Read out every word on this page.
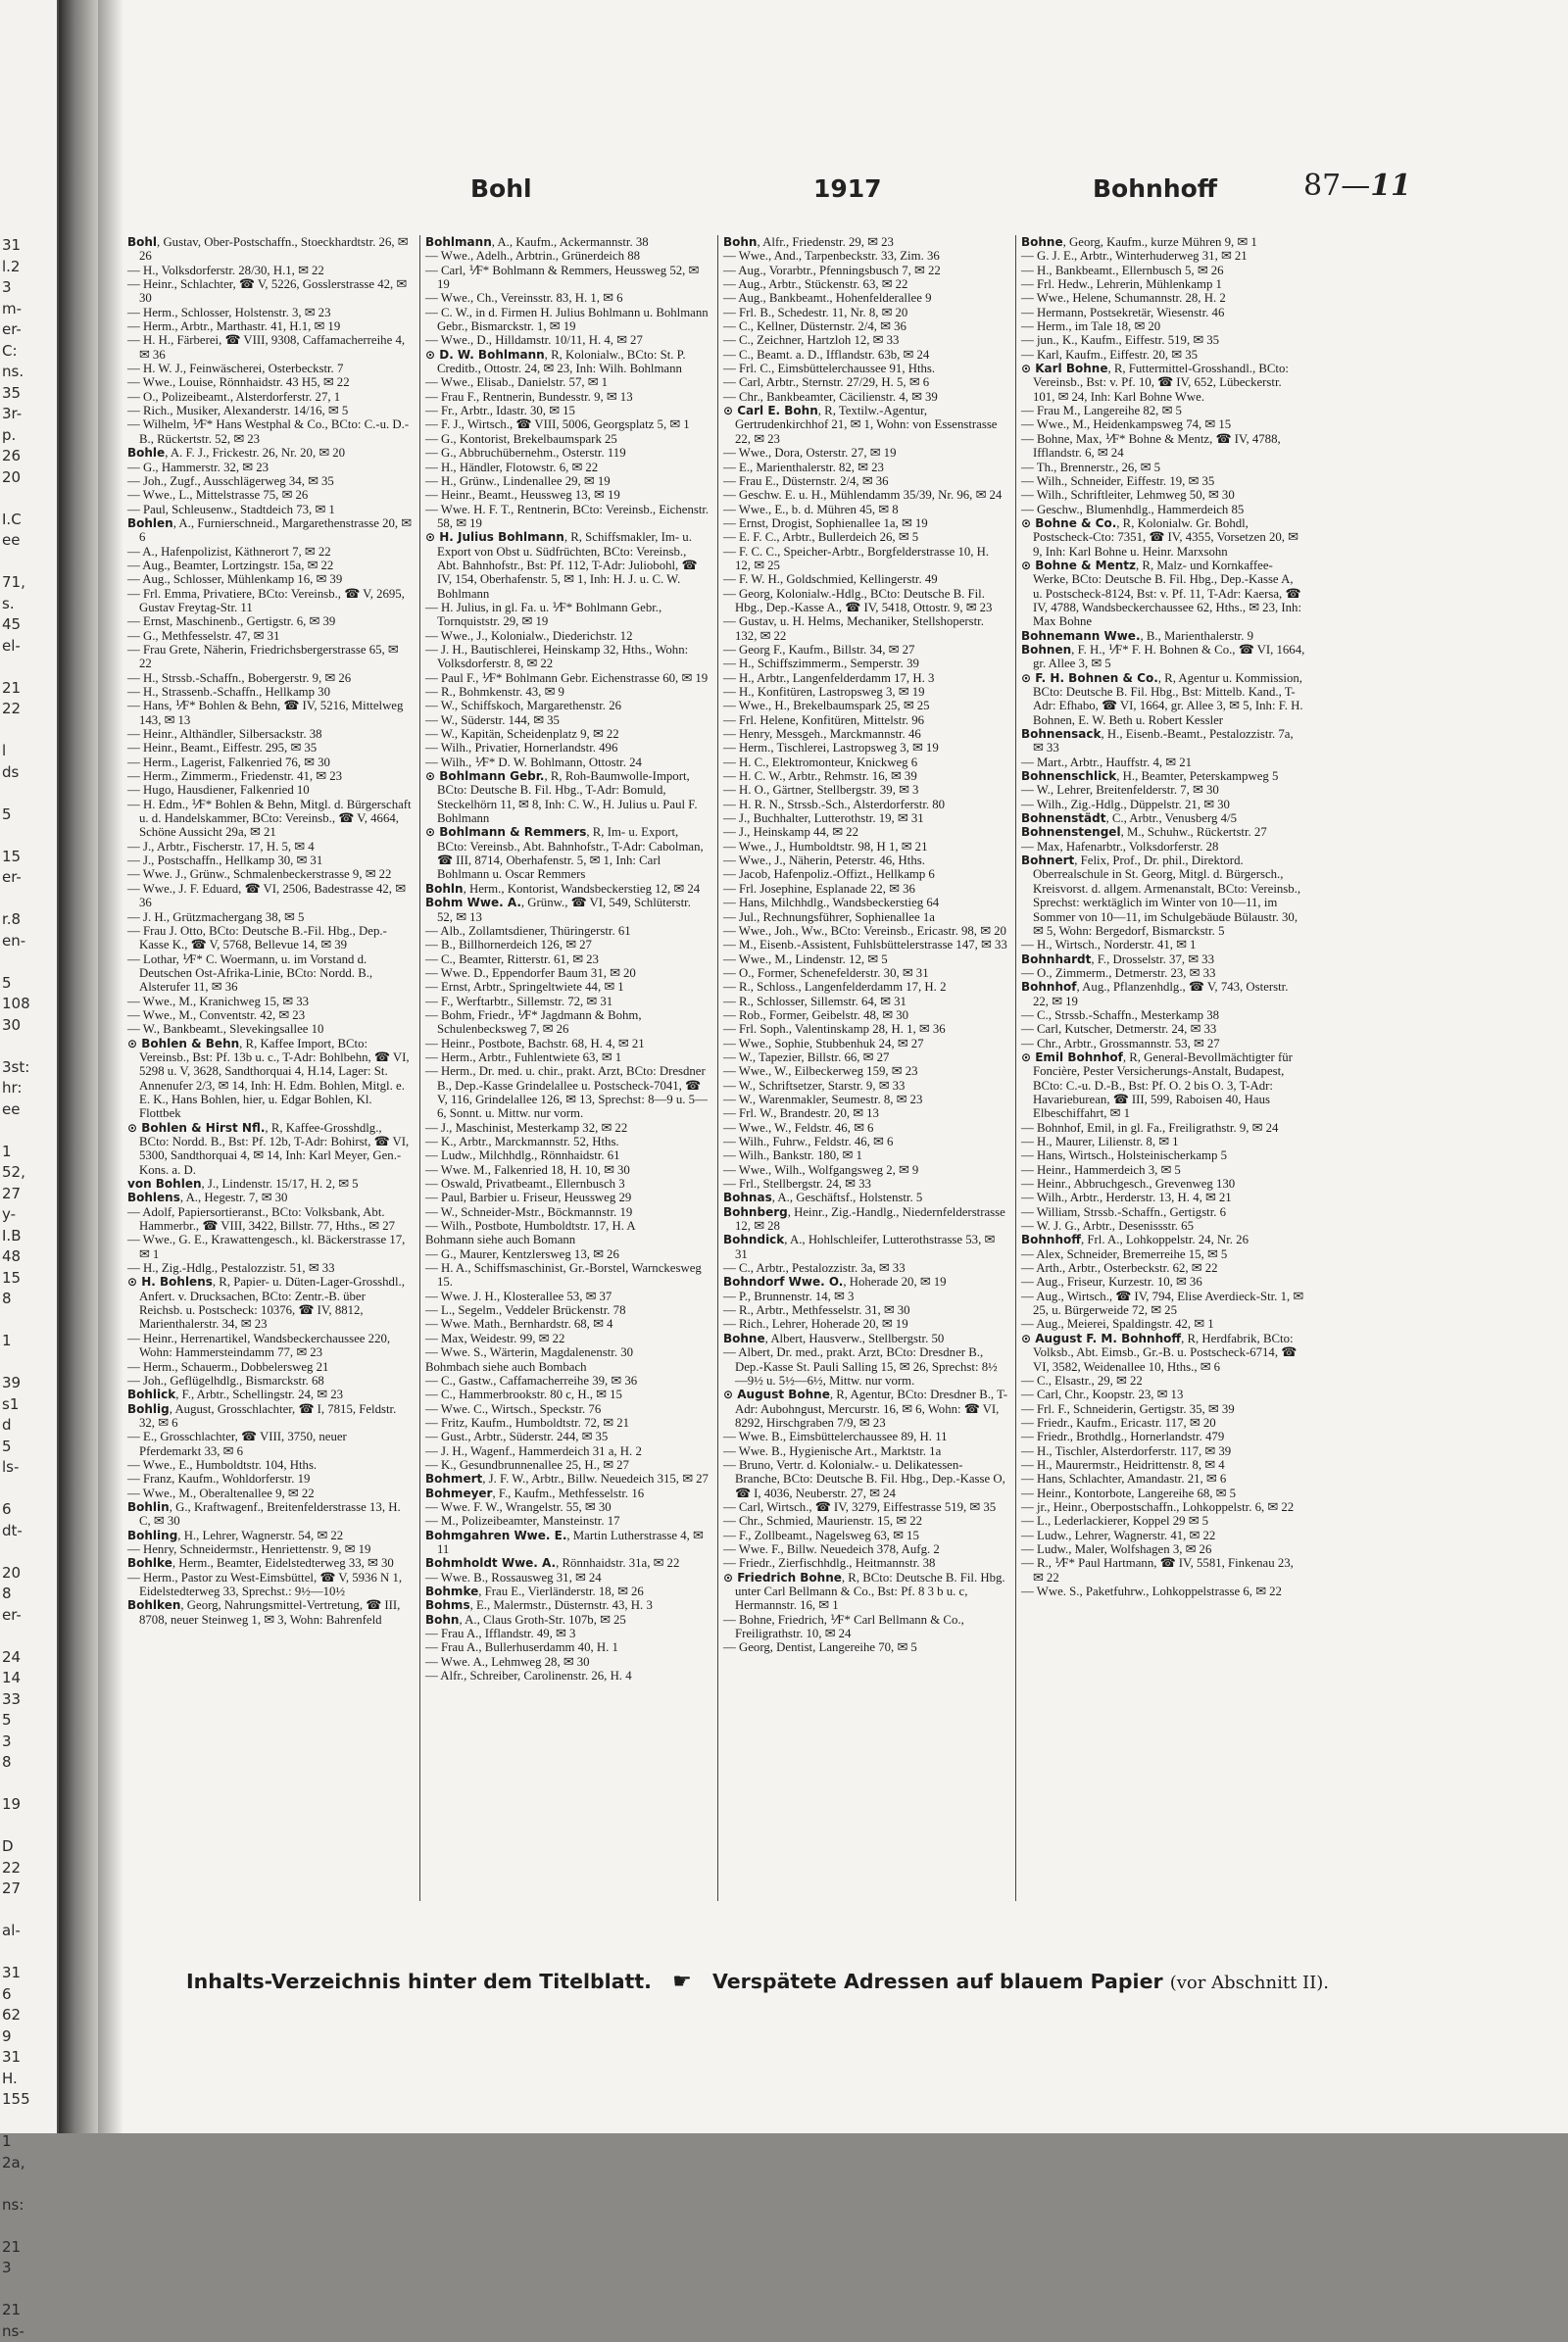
31
l.2
3
m-
er-
C:
ns.
35
3r-
p.
26
20

I.C
ee

71,
s.
45
el-

21
22

l
ds

5

15
er-

r.8
en-

5
108
30

3st:
hr:
ee

1
52,
27
y-
I.B
48
15
8

1

39
s1
d
5
ls-

6
dt-

20
8
er-

24
14
33
5
3
8

19

D
22
27

al-

31
6
62
9
31
H.
155

1
2a,

ns:

21
3

21
ns-
Bohl	1917	Bohnhoff	87—11

Bohl, Gustav, Ober-Postschaffn., Stoeckhardtstr. 26, ✉ 26

— H., Volksdorferstr. 28/30, H.1, ✉ 22

— Heinr., Schlachter, ☎ V, 5226, Gosslerstrasse 42, ✉ 30

— Herm., Schlosser, Holstenstr. 3, ✉ 23

— Herm., Arbtr., Marthastr. 41, H.1, ✉ 19

— H. H., Färberei, ☎ VIII, 9308, Caffamacherreihe 4, ✉ 36

— H. W. J., Feinwäscherei, Osterbeckstr. 7

— Wwe., Louise, Rönnhaidstr. 43 H5, ✉ 22

— O., Polizeibeamt., Alsterdorferstr. 27, 1

— Rich., Musiker, Alexanderstr. 14/16, ✉ 5

— Wilhelm, ⅟F* Hans Westphal & Co., BCto: C.-u. D.-B., Rückertstr. 52, ✉ 23

Bohle, A. F. J., Frickestr. 26, Nr. 20, ✉ 20

— G., Hammerstr. 32, ✉ 23

— Joh., Zugf., Ausschlägerweg 34, ✉ 35

— Wwe., L., Mittelstrasse 75, ✉ 26

— Paul, Schleusenw., Stadtdeich 73, ✉ 1

Bohlen, A., Furnierschneid., Margarethenstrasse 20, ✉ 6

— A., Hafenpolizist, Käthnerort 7, ✉ 22

— Aug., Beamter, Lortzingstr. 15a, ✉ 22

— Aug., Schlosser, Mühlenkamp 16, ✉ 39

— Frl. Emma, Privatiere, BCto: Vereinsb., ☎ V, 2695, Gustav Freytag-Str. 11

— Ernst, Maschinenb., Gertigstr. 6, ✉ 39

— G., Methfesselstr. 47, ✉ 31

— Frau Grete, Näherin, Friedrichsbergerstrasse 65, ✉ 22

— H., Strssb.-Schaffn., Bobergerstr. 9, ✉ 26

— H., Strassenb.-Schaffn., Hellkamp 30

— Hans, ⅟F* Bohlen & Behn, ☎ IV, 5216, Mittelweg 143, ✉ 13

— Heinr., Althändler, Silbersackstr. 38

— Heinr., Beamt., Eiffestr. 295, ✉ 35

— Herm., Lagerist, Falkenried 76, ✉ 30

— Herm., Zimmerm., Friedenstr. 41, ✉ 23

— Hugo, Hausdiener, Falkenried 10

— H. Edm., ⅟F* Bohlen & Behn, Mitgl. d. Bürgerschaft u. d. Handelskammer, BCto: Vereinsb., ☎ V, 4664, Schöne Aussicht 29a, ✉ 21

— J., Arbtr., Fischerstr. 17, H. 5, ✉ 4

— J., Postschaffn., Hellkamp 30, ✉ 31

— Wwe. J., Grünw., Schmalenbeckerstrasse 9, ✉ 22

— Wwe., J. F. Eduard, ☎ VI, 2506, Badestrasse 42, ✉ 36

— J. H., Grützmachergang 38, ✉ 5

— Frau J. Otto, BCto: Deutsche B.-Fil. Hbg., Dep.-Kasse K., ☎ V, 5768, Bellevue 14, ✉ 39

— Lothar, ⅟F* C. Woermann, u. im Vorstand d. Deutschen Ost-Afrika-Linie, BCto: Nordd. B., Alsterufer 11, ✉ 36

— Wwe., M., Kranichweg 15, ✉ 33

— Wwe., M., Conventstr. 42, ✉ 23

— W., Bankbeamt., Slevekingsallee 10

⊙ Bohlen & Behn, R, Kaffee Import, BCto: Vereinsb., Bst: Pf. 13b u. c., T-Adr: Bohlbehn, ☎ VI, 5298 u. V, 3628, Sandthorquai 4, H.14, Lager: St. Annenufer 2/3, ✉ 14, Inh: H. Edm. Bohlen, Mitgl. e. E. K., Hans Bohlen, hier, u. Edgar Bohlen, Kl. Flottbek

⊙ Bohlen & Hirst Nfl., R, Kaffee-Grosshdlg., BCto: Nordd. B., Bst: Pf. 12b, T-Adr: Bohirst, ☎ VI, 5300, Sandthorquai 4, ✉ 14, Inh: Karl Meyer, Gen.-Kons. a. D.

von Bohlen, J., Lindenstr. 15/17, H. 2, ✉ 5

Bohlens, A., Hegestr. 7, ✉ 30

— Adolf, Papiersortieranst., BCto: Volksbank, Abt. Hammerbr., ☎ VIII, 3422, Billstr. 77, Hths., ✉ 27

— Wwe., G. E., Krawattengesch., kl. Bäckerstrasse 17, ✉ 1

— H., Zig.-Hdlg., Pestalozzistr. 51, ✉ 33

⊙ H. Bohlens, R, Papier- u. Düten-Lager-Grosshdl., Anfert. v. Drucksachen, BCto: Zentr.-B. über Reichsb. u. Postscheck: 10376, ☎ IV, 8812, Marienthalerstr. 34, ✉ 23

— Heinr., Herrenartikel, Wandsbeckerchaussee 220, Wohn: Hammersteindamm 77, ✉ 23

— Herm., Schauerm., Dobbelersweg 21

— Joh., Geflügelhdlg., Bismarckstr. 68

Bohlick, F., Arbtr., Schellingstr. 24, ✉ 23

Bohlig, August, Grosschlachter, ☎ I, 7815, Feldstr. 32, ✉ 6

— E., Grosschlachter, ☎ VIII, 3750, neuer Pferdemarkt 33, ✉ 6

— Wwe., E., Humboldtstr. 104, Hths.

— Franz, Kaufm., Wohldorferstr. 19

— Wwe., M., Oberaltenallee 9, ✉ 22

Bohlin, G., Kraftwagenf., Breitenfelderstrasse 13, H. C, ✉ 30

Bohling, H., Lehrer, Wagnerstr. 54, ✉ 22

— Henry, Schneidermstr., Henriettenstr. 9, ✉ 19

Bohlke, Herm., Beamter, Eidelstedterweg 33, ✉ 30

— Herm., Pastor zu West-Eimsbüttel, ☎ V, 5936 N 1, Eidelstedterweg 33, Sprechst.: 9½—10½

Bohlken, Georg, Nahrungsmittel-Vertretung, ☎ III, 8708, neuer Steinweg 1, ✉ 3, Wohn: Bahrenfeld

Bohlmann, A., Kaufm., Ackermannstr. 38

— Wwe., Adelh., Arbtrin., Grünerdeich 88

— Carl, ⅟F* Bohlmann & Remmers, Heussweg 52, ✉ 19

— Wwe., Ch., Vereinsstr. 83, H. 1, ✉ 6

— C. W., in d. Firmen H. Julius Bohlmann u. Bohlmann Gebr., Bismarckstr. 1, ✉ 19

— Wwe., D., Hilldamstr. 10/11, H. 4, ✉ 27

⊙ D. W. Bohlmann, R, Kolonialw., BCto: St. P. Creditb., Ottostr. 24, ✉ 23, Inh: Wilh. Bohlmann

— Wwe., Elisab., Danielstr. 57, ✉ 1

— Frau F., Rentnerin, Bundesstr. 9, ✉ 13

— Fr., Arbtr., Idastr. 30, ✉ 15

— F. J., Wirtsch., ☎ VIII, 5006, Georgsplatz 5, ✉ 1

— G., Kontorist, Brekelbaumspark 25

— G., Abbruchübernehm., Osterstr. 119

— H., Händler, Flotowstr. 6, ✉ 22

— H., Grünw., Lindenallee 29, ✉ 19

— Heinr., Beamt., Heussweg 13, ✉ 19

— Wwe. H. F. T., Rentnerin, BCto: Vereinsb., Eichenstr. 58, ✉ 19

⊙ H. Julius Bohlmann, R, Schiffsmakler, Im- u. Export von Obst u. Südfrüchten, BCto: Vereinsb., Abt. Bahnhofstr., Bst: Pf. 112, T-Adr: Juliobohl, ☎ IV, 154, Oberhafenstr. 5, ✉ 1, Inh: H. J. u. C. W. Bohlmann

— H. Julius, in gl. Fa. u. ⅟F* Bohlmann Gebr., Tornquiststr. 29, ✉ 19

— Wwe., J., Kolonialw., Diederichstr. 12

— J. H., Bautischlerei, Heinskamp 32, Hths., Wohn: Volksdorferstr. 8, ✉ 22

— Paul F., ⅟F* Bohlmann Gebr. Eichenstrasse 60, ✉ 19

— R., Bohmkenstr. 43, ✉ 9

— W., Schiffskoch, Margarethenstr. 26

— W., Süderstr. 144, ✉ 35

— W., Kapitän, Scheidenplatz 9, ✉ 22

— Wilh., Privatier, Hornerlandstr. 496

— Wilh., ⅟F* D. W. Bohlmann, Ottostr. 24

⊙ Bohlmann Gebr., R, Roh-Baumwolle-Import, BCto: Deutsche B. Fil. Hbg., T-Adr: Bomuld, Steckelhörn 11, ✉ 8, Inh: C. W., H. Julius u. Paul F. Bohlmann

⊙ Bohlmann & Remmers, R, Im- u. Export, BCto: Vereinsb., Abt. Bahnhofstr., T-Adr: Cabolman, ☎ III, 8714, Oberhafenstr. 5, ✉ 1, Inh: Carl Bohlmann u. Oscar Remmers

Bohln, Herm., Kontorist, Wandsbeckerstieg 12, ✉ 24

Bohm Wwe. A., Grünw., ☎ VI, 549, Schlüterstr. 52, ✉ 13

— Alb., Zollamtsdiener, Thüringerstr. 61

— B., Billhornerdeich 126, ✉ 27

— C., Beamter, Ritterstr. 61, ✉ 23

— Wwe. D., Eppendorfer Baum 31, ✉ 20

— Ernst, Arbtr., Springeltwiete 44, ✉ 1

— F., Werftarbtr., Sillemstr. 72, ✉ 31

— Bohm, Friedr., ⅟F* Jagdmann & Bohm, Schulenbecksweg 7, ✉ 26

— Heinr., Postbote, Bachstr. 68, H. 4, ✉ 21

— Herm., Arbtr., Fuhlentwiete 63, ✉ 1

— Herm., Dr. med. u. chir., prakt. Arzt, BCto: Dresdner B., Dep.-Kasse Grindelallee u. Postscheck-7041, ☎ V, 116, Grindelallee 126, ✉ 13, Sprechst: 8—9 u. 5—6, Sonnt. u. Mittw. nur vorm.

— J., Maschinist, Mesterkamp 32, ✉ 22

— K., Arbtr., Marckmannstr. 52, Hths.

— Ludw., Milchhdlg., Rönnhaidstr. 61

— Wwe. M., Falkenried 18, H. 10, ✉ 30

— Oswald, Privatbeamt., Ellernbusch 3

— Paul, Barbier u. Friseur, Heussweg 29

— W., Schneider-Mstr., Böckmannstr. 19

— Wilh., Postbote, Humboldtstr. 17, H. A

Bohmann siehe auch Bomann

— G., Maurer, Kentzlersweg 13, ✉ 26

— H. A., Schiffsmaschinist, Gr.-Borstel, Warnckesweg 15.

— Wwe. J. H., Klosterallee 53, ✉ 37

— L., Segelm., Veddeler Brückenstr. 78

— Wwe. Math., Bernhardstr. 68, ✉ 4

— Max, Weidestr. 99, ✉ 22

— Wwe. S., Wärterin, Magdalenenstr. 30

Bohmbach siehe auch Bombach

— C., Gastw., Caffamacherreihe 39, ✉ 36

— C., Hammerbrookstr. 80 c, H., ✉ 15

— Wwe. C., Wirtsch., Speckstr. 76

— Fritz, Kaufm., Humboldtstr. 72, ✉ 21

— Gust., Arbtr., Süderstr. 244, ✉ 35

— J. H., Wagenf., Hammerdeich 31 a, H. 2

— K., Gesundbrunnenallee 25, H., ✉ 27

Bohmert, J. F. W., Arbtr., Billw. Neuedeich 315, ✉ 27

Bohmeyer, F., Kaufm., Methfesselstr. 16

— Wwe. F. W., Wrangelstr. 55, ✉ 30

— M., Polizeibeamter, Mansteinstr. 17

Bohmgahren Wwe. E., Martin Lutherstrasse 4, ✉ 11

Bohmholdt Wwe. A., Rönnhaidstr. 31a, ✉ 22

— Wwe. B., Rossausweg 31, ✉ 24

Bohmke, Frau E., Vierländerstr. 18, ✉ 26

Bohms, E., Malermstr., Düsternstr. 43, H. 3

Bohn, A., Claus Groth-Str. 107b, ✉ 25

— Frau A., Ifflandstr. 49, ✉ 3

— Frau A., Bullerhuserdamm 40, H. 1

— Wwe. A., Lehmweg 28, ✉ 30

— Alfr., Schreiber, Carolinenstr. 26, H. 4

Bohn, Alfr., Friedenstr. 29, ✉ 23

— Wwe., And., Tarpenbeckstr. 33, Zim. 36

— Aug., Vorarbtr., Pfenningsbusch 7, ✉ 22

— Aug., Arbtr., Stückenstr. 63, ✉ 22

— Aug., Bankbeamt., Hohenfelderallee 9

— Frl. B., Schedestr. 11, Nr. 8, ✉ 20

— C., Kellner, Düsternstr. 2/4, ✉ 36

— C., Zeichner, Hartzloh 12, ✉ 33

— C., Beamt. a. D., Ifflandstr. 63b, ✉ 24

— Frl. C., Eimsbüttelerchaussee 91, Hths.

— Carl, Arbtr., Sternstr. 27/29, H. 5, ✉ 6

— Chr., Bankbeamter, Cäcilienstr. 4, ✉ 39

⊙ Carl E. Bohn, R, Textilw.-Agentur, Gertrudenkirchhof 21, ✉ 1, Wohn: von Essenstrasse 22, ✉ 23

— Wwe., Dora, Osterstr. 27, ✉ 19

— E., Marienthalerstr. 82, ✉ 23

— Frau E., Düsternstr. 2/4, ✉ 36

— Geschw. E. u. H., Mühlendamm 35/39, Nr. 96, ✉ 24

— Wwe., E., b. d. Mühren 45, ✉ 8

— Ernst, Drogist, Sophienallee 1a, ✉ 19

— E. F. C., Arbtr., Bullerdeich 26, ✉ 5

— F. C. C., Speicher-Arbtr., Borgfelderstrasse 10, H. 12, ✉ 25

— F. W. H., Goldschmied, Kellingerstr. 49

— Georg, Kolonialw.-Hdlg., BCto: Deutsche B. Fil. Hbg., Dep.-Kasse A., ☎ IV, 5418, Ottostr. 9, ✉ 23

— Gustav, u. H. Helms, Mechaniker, Stellshoperstr. 132, ✉ 22

— Georg F., Kaufm., Billstr. 34, ✉ 27

— H., Schiffszimmerm., Semperstr. 39

— H., Arbtr., Langenfelderdamm 17, H. 3

— H., Konfitüren, Lastropsweg 3, ✉ 19

— Wwe., H., Brekelbaumspark 25, ✉ 25

— Frl. Helene, Konfitüren, Mittelstr. 96

— Henry, Messgeh., Marckmannstr. 46

— Herm., Tischlerei, Lastropsweg 3, ✉ 19

— H. C., Elektromonteur, Knickweg 6

— H. C. W., Arbtr., Rehmstr. 16, ✉ 39

— H. O., Gärtner, Stellbergstr. 39, ✉ 3

— H. R. N., Strssb.-Sch., Alsterdorferstr. 80

— J., Buchhalter, Lutterothstr. 19, ✉ 31

— J., Heinskamp 44, ✉ 22

— Wwe., J., Humboldtstr. 98, H 1, ✉ 21

— Wwe., J., Näherin, Peterstr. 46, Hths.

— Jacob, Hafenpoliz.-Offizt., Hellkamp 6

— Frl. Josephine, Esplanade 22, ✉ 36

— Hans, Milchhdlg., Wandsbeckerstieg 64

— Jul., Rechnungsführer, Sophienallee 1a

— Wwe., Joh., Ww., BCto: Vereinsb., Ericastr. 98, ✉ 20

— M., Eisenb.-Assistent, Fuhlsbüttelerstrasse 147, ✉ 33

— Wwe., M., Lindenstr. 12, ✉ 5

— O., Former, Schenefelderstr. 30, ✉ 31

— R., Schloss., Langenfelderdamm 17, H. 2

— R., Schlosser, Sillemstr. 64, ✉ 31

— Rob., Former, Geibelstr. 48, ✉ 30

— Frl. Soph., Valentinskamp 28, H. 1, ✉ 36

— Wwe., Sophie, Stubbenhuk 24, ✉ 27

— W., Tapezier, Billstr. 66, ✉ 27

— Wwe., W., Eilbeckerweg 159, ✉ 23

— W., Schriftsetzer, Starstr. 9, ✉ 33

— W., Warenmakler, Seumestr. 8, ✉ 23

— Frl. W., Brandestr. 20, ✉ 13

— Wwe., W., Feldstr. 46, ✉ 6

— Wilh., Fuhrw., Feldstr. 46, ✉ 6

— Wilh., Bankstr. 180, ✉ 1

— Wwe., Wilh., Wolfgangsweg 2, ✉ 9

— Frl., Stellbergstr. 24, ✉ 33

Bohnas, A., Geschäftsf., Holstenstr. 5

Bohnberg, Heinr., Zig.-Handlg., Niedernfelderstrasse 12, ✉ 28

Bohndick, A., Hohlschleifer, Lutterothstrasse 53, ✉ 31

— C., Arbtr., Pestalozzistr. 3a, ✉ 33

Bohndorf Wwe. O., Hoherade 20, ✉ 19

— P., Brunnenstr. 14, ✉ 3

— R., Arbtr., Methfesselstr. 31, ✉ 30

— Rich., Lehrer, Hoherade 20, ✉ 19

Bohne, Albert, Hausverw., Stellbergstr. 50

— Albert, Dr. med., prakt. Arzt, BCto: Dresdner B., Dep.-Kasse St. Pauli Salling 15, ✉ 26, Sprechst: 8½—9½ u. 5½—6½, Mittw. nur vorm.

⊙ August Bohne, R, Agentur, BCto: Dresdner B., T-Adr: Aubohngust, Mercurstr. 16, ✉ 6, Wohn: ☎ VI, 8292, Hirschgraben 7/9, ✉ 23

— Wwe. B., Eimsbüttelerchaussee 89, H. 11

— Wwe. B., Hygienische Art., Marktstr. 1a

— Bruno, Vertr. d. Kolonialw.- u. Delikatessen-Branche, BCto: Deutsche B. Fil. Hbg., Dep.-Kasse O, ☎ I, 4036, Neuberstr. 27, ✉ 24

— Carl, Wirtsch., ☎ IV, 3279, Eiffestrasse 519, ✉ 35

— Chr., Schmied, Maurienstr. 15, ✉ 22

— F., Zollbeamt., Nagelsweg 63, ✉ 15

— Wwe. F., Billw. Neuedeich 378, Aufg. 2

— Friedr., Zierfischhdlg., Heitmannstr. 38

⊙ Friedrich Bohne, R, BCto: Deutsche B. Fil. Hbg. unter Carl Bellmann & Co., Bst: Pf. 8 3 b u. c, Hermannstr. 16, ✉ 1

— Bohne, Friedrich, ⅟F* Carl Bellmann & Co., Freiligrathstr. 10, ✉ 24

— Georg, Dentist, Langereihe 70, ✉ 5

Bohne, Georg, Kaufm., kurze Mühren 9, ✉ 1

— G. J. E., Arbtr., Winterhuderweg 31, ✉ 21

— H., Bankbeamt., Ellernbusch 5, ✉ 26

— Frl. Hedw., Lehrerin, Mühlenkamp 1

— Wwe., Helene, Schumannstr. 28, H. 2

— Hermann, Postsekretär, Wiesenstr. 46

— Herm., im Tale 18, ✉ 20

— jun., K., Kaufm., Eiffestr. 519, ✉ 35

— Karl, Kaufm., Eiffestr. 20, ✉ 35

⊙ Karl Bohne, R, Futtermittel-Grosshandl., BCto: Vereinsb., Bst: v. Pf. 10, ☎ IV, 652, Lübeckerstr. 101, ✉ 24, Inh: Karl Bohne Wwe.

— Frau M., Langereihe 82, ✉ 5

— Wwe., M., Heidenkampsweg 74, ✉ 15

— Bohne, Max, ⅟F* Bohne & Mentz, ☎ IV, 4788, Ifflandstr. 6, ✉ 24

— Th., Brennerstr., 26, ✉ 5

— Wilh., Schneider, Eiffestr. 19, ✉ 35

— Wilh., Schriftleiter, Lehmweg 50, ✉ 30

— Geschw., Blumenhdlg., Hammerdeich 85

⊙ Bohne & Co., R, Kolonialw. Gr. Bohdl, Postscheck-Cto: 7351, ☎ IV, 4355, Vorsetzen 20, ✉ 9, Inh: Karl Bohne u. Heinr. Marxsohn

⊙ Bohne & Mentz, R, Malz- und Kornkaffee-Werke, BCto: Deutsche B. Fil. Hbg., Dep.-Kasse A, u. Postscheck-8124, Bst: v. Pf. 11, T-Adr: Kaersa, ☎ IV, 4788, Wandsbeckerchaussee 62, Hths., ✉ 23, Inh: Max Bohne

Bohnemann Wwe., B., Marienthalerstr. 9

Bohnen, F. H., ⅟F* F. H. Bohnen & Co., ☎ VI, 1664, gr. Allee 3, ✉ 5

⊙ F. H. Bohnen & Co., R, Agentur u. Kommission, BCto: Deutsche B. Fil. Hbg., Bst: Mittelb. Kand., T-Adr: Efhabo, ☎ VI, 1664, gr. Allee 3, ✉ 5, Inh: F. H. Bohnen, E. W. Beth u. Robert Kessler

Bohnensack, H., Eisenb.-Beamt., Pestalozzistr. 7a, ✉ 33

— Mart., Arbtr., Hauffstr. 4, ✉ 21

Bohnenschlick, H., Beamter, Peterskampweg 5

— W., Lehrer, Breitenfelderstr. 7, ✉ 30

— Wilh., Zig.-Hdlg., Düppelstr. 21, ✉ 30

Bohnenstädt, C., Arbtr., Venusberg 4/5

Bohnenstengel, M., Schuhw., Rückertstr. 27

— Max, Hafenarbtr., Volksdorferstr. 28

Bohnert, Felix, Prof., Dr. phil., Direktord. Oberrealschule in St. Georg, Mitgl. d. Bürgersch., Kreisvorst. d. allgem. Armenanstalt, BCto: Vereinsb., Sprechst: werktäglich im Winter von 10—11, im Sommer von 10—11, im Schulgebäude Bülaustr. 30, ✉ 5, Wohn: Bergedorf, Bismarckstr. 5

— H., Wirtsch., Norderstr. 41, ✉ 1

Bohnhardt, F., Drosselstr. 37, ✉ 33

— O., Zimmerm., Detmerstr. 23, ✉ 33

Bohnhof, Aug., Pflanzenhdlg., ☎ V, 743, Osterstr. 22, ✉ 19

— C., Strssb.-Schaffn., Mesterkamp 38

— Carl, Kutscher, Detmerstr. 24, ✉ 33

— Chr., Arbtr., Grossmannstr. 53, ✉ 27

⊙ Emil Bohnhof, R, General-Bevollmächtigter für Foncière, Pester Versicherungs-Anstalt, Budapest, BCto: C.-u. D.-B., Bst: Pf. O. 2 bis O. 3, T-Adr: Havarieburean, ☎ III, 599, Raboisen 40, Haus Elbeschiffahrt, ✉ 1

— Bohnhof, Emil, in gl. Fa., Freiligrathstr. 9, ✉ 24

— H., Maurer, Lilienstr. 8, ✉ 1

— Hans, Wirtsch., Holsteinischerkamp 5

— Heinr., Hammerdeich 3, ✉ 5

— Heinr., Abbruchgesch., Grevenweg 130

— Wilh., Arbtr., Herderstr. 13, H. 4, ✉ 21

— William, Strssb.-Schaffn., Gertigstr. 6

— W. J. G., Arbtr., Desenissstr. 65

Bohnhoff, Frl. A., Lohkoppelstr. 24, Nr. 26

— Alex, Schneider, Bremerreihe 15, ✉ 5

— Arth., Arbtr., Osterbeckstr. 62, ✉ 22

— Aug., Friseur, Kurzestr. 10, ✉ 36

— Aug., Wirtsch., ☎ IV, 794, Elise Averdieck-Str. 1, ✉ 25, u. Bürgerweide 72, ✉ 25

— Aug., Meierei, Spaldingstr. 42, ✉ 1

⊙ August F. M. Bohnhoff, R, Herdfabrik, BCto: Volksb., Abt. Eimsb., Gr.-B. u. Postscheck-6714, ☎ VI, 3582, Weidenallee 10, Hths., ✉ 6

— C., Elsastr., 29, ✉ 22

— Carl, Chr., Koopstr. 23, ✉ 13

— Frl. F., Schneiderin, Gertigstr. 35, ✉ 39

— Friedr., Kaufm., Ericastr. 117, ✉ 20

— Friedr., Brothdlg., Hornerlandstr. 479

— H., Tischler, Alsterdorferstr. 117, ✉ 39

— H., Maurermstr., Heidrittenstr. 8, ✉ 4

— Hans, Schlachter, Amandastr. 21, ✉ 6

— Heinr., Kontorbote, Langereihe 68, ✉ 5

— jr., Heinr., Oberpostschaffn., Lohkoppelstr. 6, ✉ 22

— L., Lederlackierer, Koppel 29 ✉ 5

— Ludw., Lehrer, Wagnerstr. 41, ✉ 22

— Ludw., Maler, Wolfshagen 3, ✉ 26

— R., ⅟F* Paul Hartmann, ☎ IV, 5581, Finkenau 23, ✉ 22

— Wwe. S., Paketfuhrw., Lohkoppelstrasse 6, ✉ 22

Inhalts-Verzeichnis hinter dem Titelblatt. ☛ Verspätete Adressen auf blauem Papier (vor Abschnitt II).
